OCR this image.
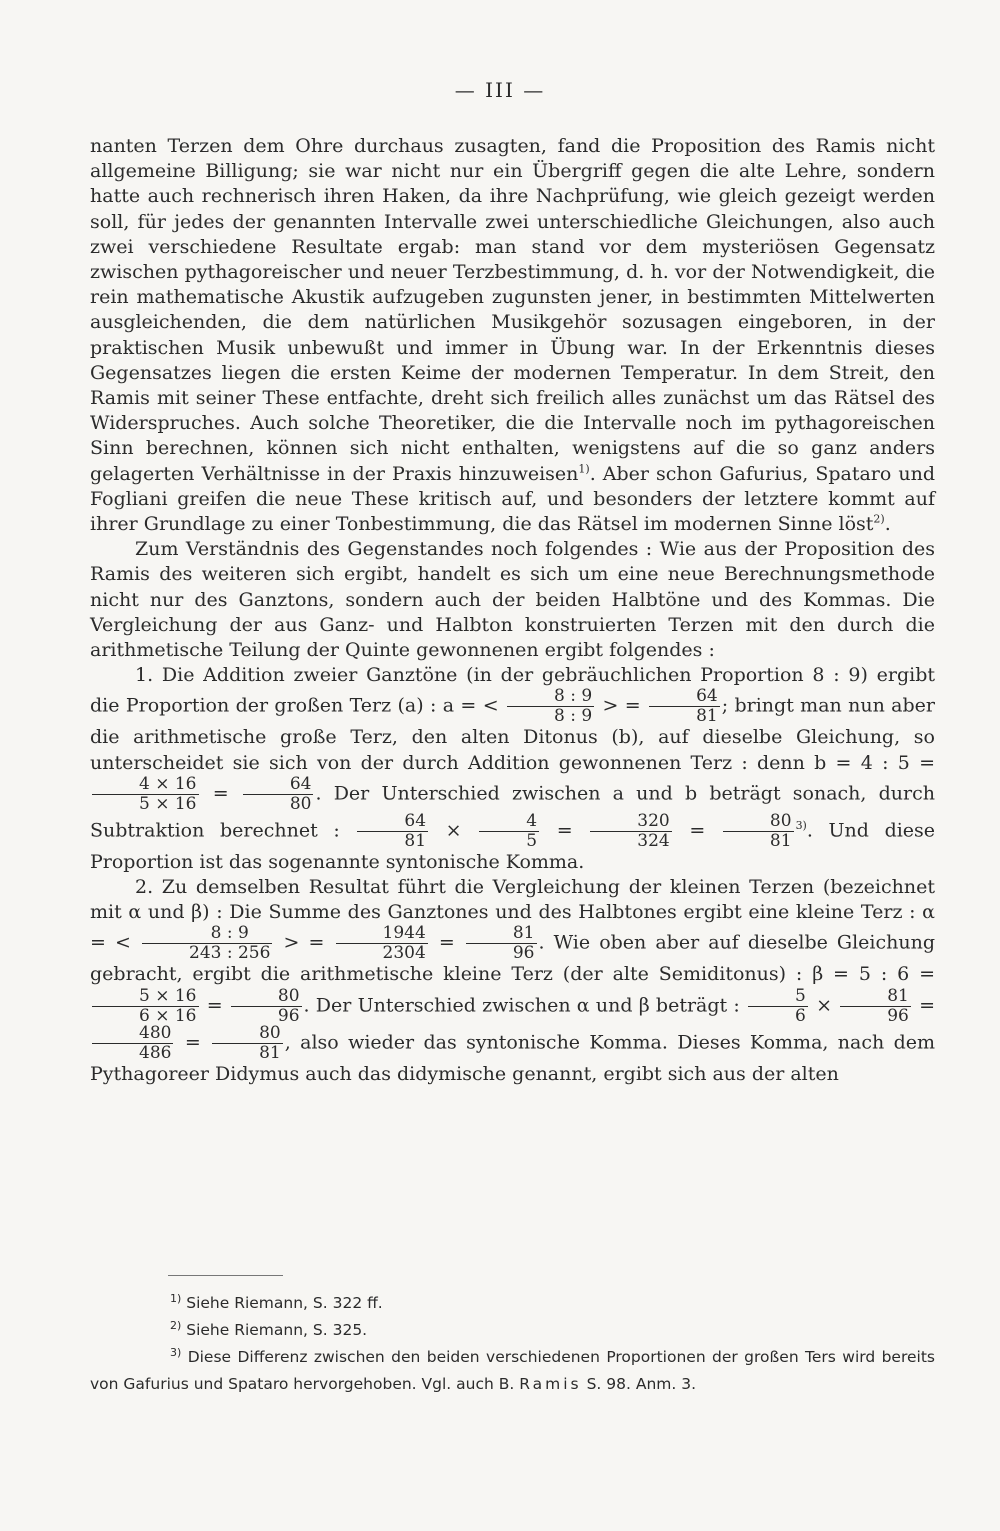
— III —

nanten Terzen dem Ohre durchaus zusagten, fand die Proposition des Ramis nicht allgemeine Billigung; sie war nicht nur ein Übergriff gegen die alte Lehre, sondern hatte auch rechnerisch ihren Haken, da ihre Nachprüfung, wie gleich gezeigt werden soll, für jedes der genannten Intervalle zwei unterschiedliche Gleichungen, also auch zwei verschiedene Resultate ergab: man stand vor dem mysteriösen Gegensatz zwischen pythagoreischer und neuer Terzbestimmung, d. h. vor der Notwendigkeit, die rein mathematische Akustik aufzugeben zugunsten jener, in bestimmten Mittelwerten ausgleichenden, die dem natürlichen Musikgehör sozusagen eingeboren, in der praktischen Musik unbewußt und immer in Übung war. In der Erkenntnis dieses Gegensatzes liegen die ersten Keime der modernen Temperatur. In dem Streit, den Ramis mit seiner These entfachte, dreht sich freilich alles zunächst um das Rätsel des Widerspruches. Auch solche Theoretiker, die die Intervalle noch im pythagoreischen Sinn berechnen, können sich nicht enthalten, wenigstens auf die so ganz anders gelagerten Verhältnisse in der Praxis hinzuweisen$^{1)}$. Aber schon Gafurius, Spataro und Fogliani greifen die neue These kritisch auf, und besonders der letztere kommt auf ihrer Grundlage zu einer Tonbestimmung, die das Rätsel im modernen Sinne löst$^{2)}$.

Zum Verständnis des Gegenstandes noch folgendes : Wie aus der Proposition des Ramis des weiteren sich ergibt, handelt es sich um eine neue Berechnungsmethode nicht nur des Ganztons, sondern auch der beiden Halbtöne und des Kommas. Die Vergleichung der aus Ganz- und Halbton konstruierten Terzen mit den durch die arithmetische Teilung der Quinte gewonnenen ergibt folgendes :

1. Die Addition zweier Ganztöne (in der gebräuchlichen Proportion 8 : 9) ergibt die Proportion der großen Terz (a) : a = < $\frac{8 : 9}{8 : 9}$ > = $\frac{64}{81}$ ; bringt man nun aber die arithmetische große Terz, den alten Ditonus (b), auf dieselbe Gleichung, so unterscheidet sie sich von der durch Addition gewonnenen Terz : denn b = 4 : 5 =
$\frac{4 \times 16}{5 \times 16} = \frac{64}{80}$ . Der Unterschied zwischen a und b beträgt sonach, durch Subtraktion berechnet : $\frac{64}{81} \times \frac{4}{5} = \frac{320}{324} = \frac{80}{81} ^{3)}$. Und diese Proportion ist das sogenannte syntonische Komma.

2. Zu demselben Resultat führt die Vergleichung der kleinen Terzen (bezeichnet mit α und β) : Die Summe des Ganztones und des Halbtones ergibt eine kleine Terz : α = < $\frac{8 : 9}{243 : 256}$ > = $\frac{1944}{2304} = \frac{81}{96}$ . Wie oben aber auf dieselbe Gleichung gebracht, ergibt die arithmetische kleine Terz (der alte Semiditonus) : β = 5 : 6 =
$\frac{5 \times 16}{6 \times 16} = \frac{80}{96}$ . Der Unterschied zwischen α und β beträgt : $\frac{5}{6} \times \frac{81}{96}$ =
$\frac{480}{486} = \frac{80}{81}$ , also wieder das syntonische Komma. Dieses Komma, nach dem Pythagoreer Didymus auch das didymische genannt, ergibt sich aus der alten

$^{1)}$ Siehe Riemann, S. 322 ff.

$^{2)}$ Siehe Riemann, S. 325.

$^{3)}$ Diese Differenz zwischen den beiden verschiedenen Proportionen der großen Ters wird bereits von Gafurius und Spataro hervorgehoben. Vgl. auch B. Ramis S. 98. Anm. 3.
